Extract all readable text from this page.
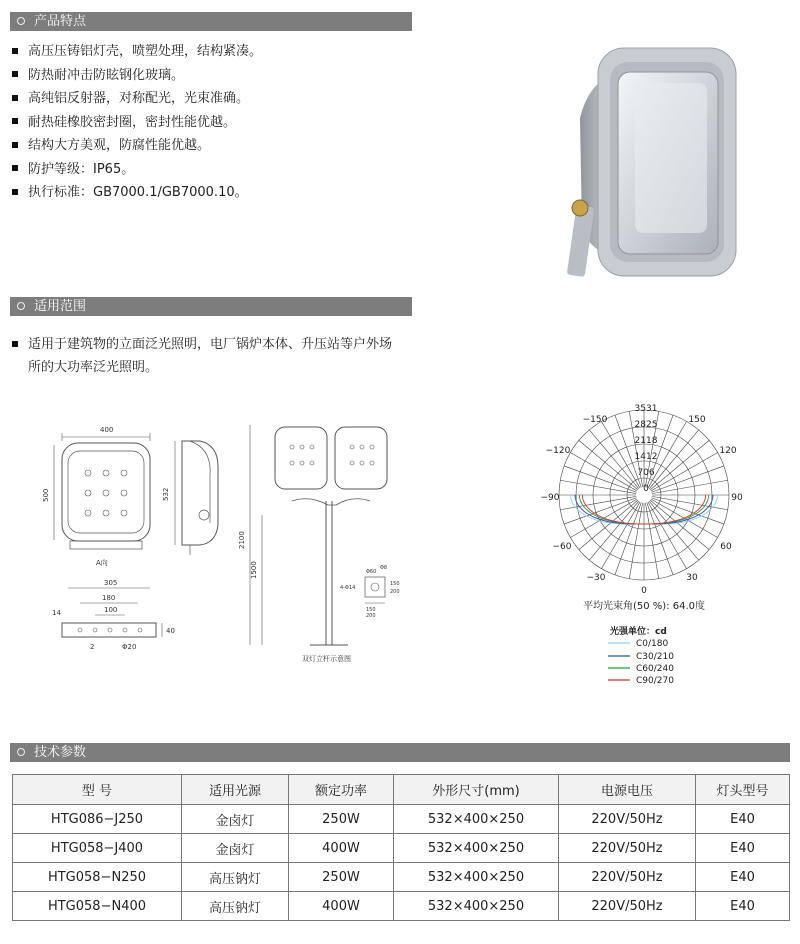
产品特点
高压压铸铝灯壳，喷塑处理，结构紧凑。
防热耐冲击防眩钢化玻璃。
高纯铝反射器，对称配光，光束准确。
耐热硅橡胶密封圈，密封性能优越。
结构大方美观，防腐性能优越。
防护等级：IP65。
执行标准：GB7000.1/GB7000.10。
适用范围
适用于建筑物的立面泛光照明，电厂锅炉本体、升压站等户外场
所的大功率泛光照明。
400
500	532
A向
305
180
100
14
40
2	Φ20
2100
1500	Φ60
Φ8
4-Φ14
150
200
150
200
双灯立杆示意图
3531
2825
2118
1412
706
0
−150	150
−120	120
−90	90
−60	60
−30	30
0
平均光束角(50 %): 64.0度
光强单位：cd
C0/180
C30/210
C60/240
C90/270
技术参数
型 号	适用光源	额定功率	外形尺寸(mm)	电源电压	灯头型号
HTG086−J250	金卤灯	250W	532×400×250	220V/50Hz	E40
HTG058−J400	金卤灯	400W	532×400×250	220V/50Hz	E40
HTG058−N250	高压钠灯	250W	532×400×250	220V/50Hz	E40
HTG058−N400	高压钠灯	400W	532×400×250	220V/50Hz	E40
